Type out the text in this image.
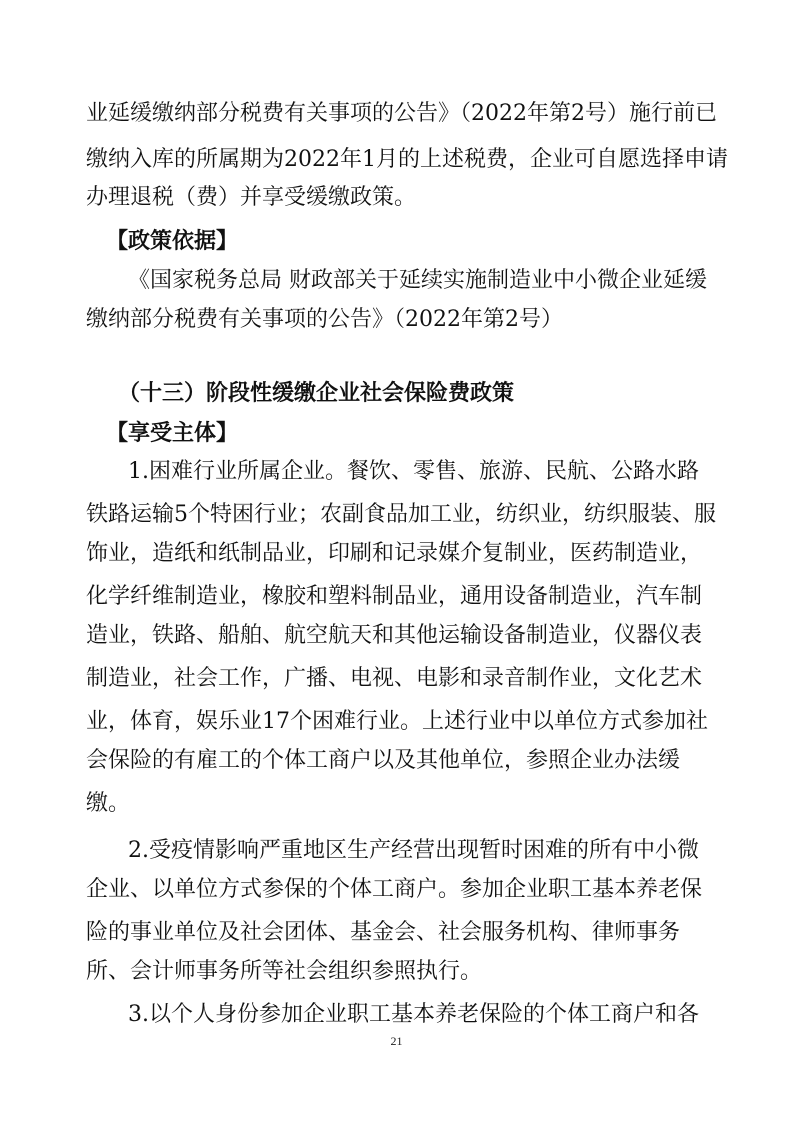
业延缓缴纳部分税费有关事项的公告》（2022年第2号）施行前已
缴纳入库的所属期为2022年1月的上述税费，企业可自愿选择申请
办理退税（费）并享受缓缴政策。
【政策依据】
《国家税务总局 财政部关于延续实施制造业中小微企业延缓
缴纳部分税费有关事项的公告》（2022年第2号）
（十三）阶段性缓缴企业社会保险费政策
【享受主体】
1.困难行业所属企业。餐饮、零售、旅游、民航、公路水路
铁路运输5个特困行业；农副食品加工业，纺织业，纺织服装、服
饰业，造纸和纸制品业，印刷和记录媒介复制业，医药制造业，
化学纤维制造业，橡胶和塑料制品业，通用设备制造业，汽车制
造业，铁路、船舶、航空航天和其他运输设备制造业，仪器仪表
制造业，社会工作，广播、电视、电影和录音制作业，文化艺术
业，体育，娱乐业17个困难行业。上述行业中以单位方式参加社
会保险的有雇工的个体工商户以及其他单位，参照企业办法缓
缴。
2.受疫情影响严重地区生产经营出现暂时困难的所有中小微
企业、以单位方式参保的个体工商户。参加企业职工基本养老保
险的事业单位及社会团体、基金会、社会服务机构、律师事务
所、会计师事务所等社会组织参照执行。
3.以个人身份参加企业职工基本养老保险的个体工商户和各
21
